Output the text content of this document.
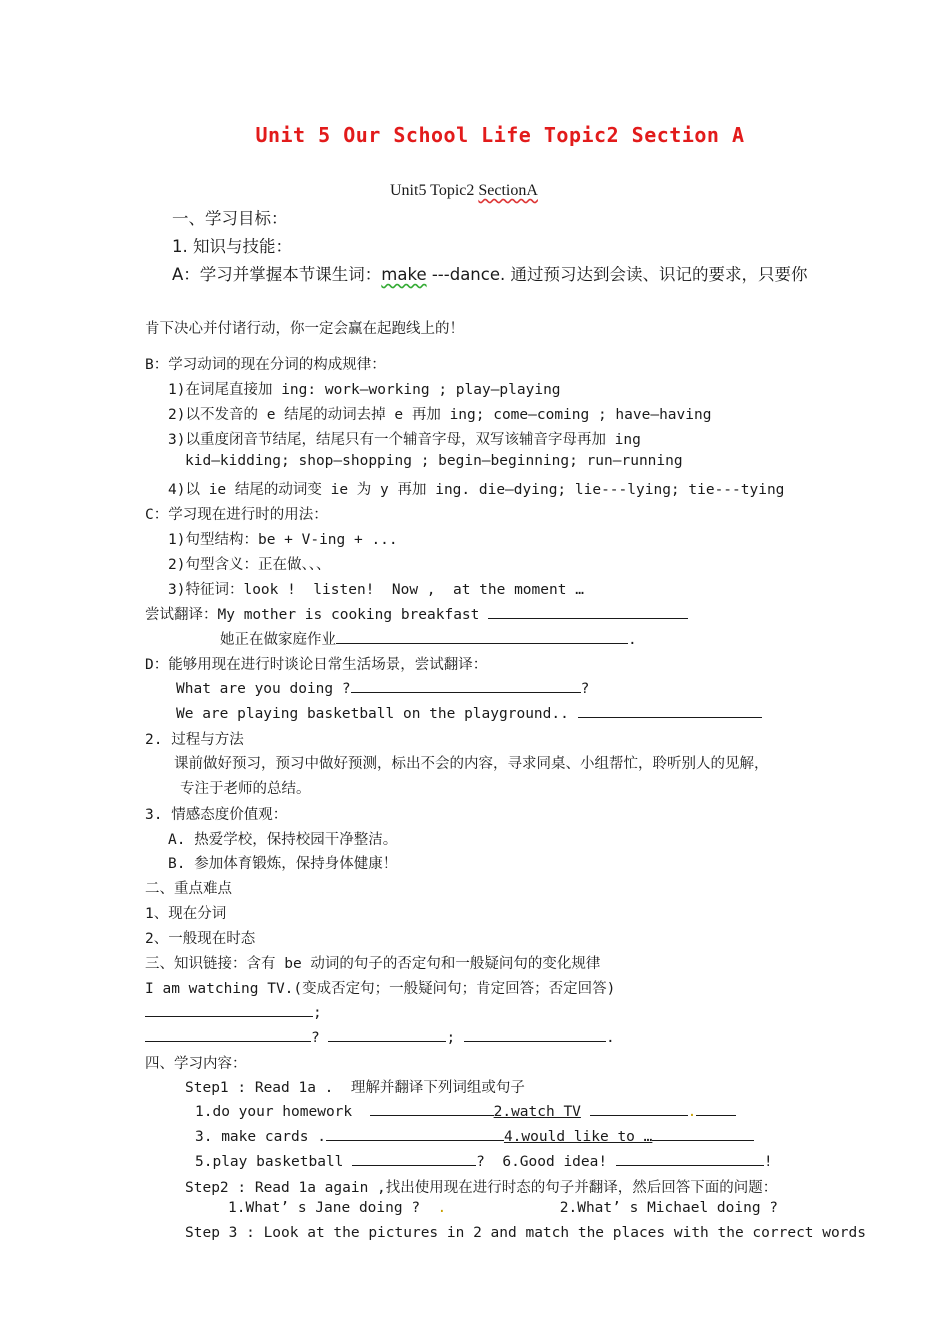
Unit 5 Our School Life Topic2 Section A
Unit5 Topic2 SectionA
一、学习目标：
1. 知识与技能：
A：学习并掌握本节课生词：make ---dance. 通过预习达到会读、识记的要求，只要你
肯下决心并付诸行动，你一定会赢在起跑线上的！
B：学习动词的现在分词的构成规律：
1)在词尾直接加 ing: work—working ; play—playing
2)以不发音的 e 结尾的动词去掉 e 再加 ing; come—coming ; have—having
3)以重度闭音节结尾，结尾只有一个辅音字母，双写该辅音字母再加 ing
kid—kidding; shop—shopping ; begin—beginning; run—running
4)以 ie 结尾的动词变 ie 为 y 再加 ing. die—dying; lie---lying; tie---tying
C：学习现在进行时的用法：
1)句型结构：be + V-ing + ...
2)句型含义：正在做、、、
3)特征词：look !  listen!  Now ,  at the moment …
尝试翻译：My mother is cooking breakfast
她正在做家庭作业	.
D：能够用现在进行时谈论日常生活场景，尝试翻译：
What are you doing ?	?
We are playing basketball on the playground..
2. 过程与方法
课前做好预习，预习中做好预测，标出不会的内容，寻求同桌、小组帮忙，聆听别人的见解，
专注于老师的总结。
3. 情感态度价值观：
A. 热爱学校，保持校园干净整洁。
B. 参加体育锻炼，保持身体健康！
二、重点难点
1、现在分词
2、一般现在时态
三、知识链接：含有 be 动词的句子的否定句和一般疑问句的变化规律
I am watching TV.(变成否定句；一般疑问句；肯定回答；否定回答)
;
?	;	.
四、学习内容：
Step1 : Read 1a .  理解并翻译下列词组或句子
1.do your homework	2.watch TV	.
3. make cards .	4.would like to …
5.play basketball	? 6.Good idea!	!
Step2 : Read 1a again ,找出使用现在进行时态的句子并翻译，然后回答下面的问题：
1.What’ s Jane doing ? .	2.What’ s Michael doing ?
Step 3 : Look at the pictures in 2 and match the places with the correct words
